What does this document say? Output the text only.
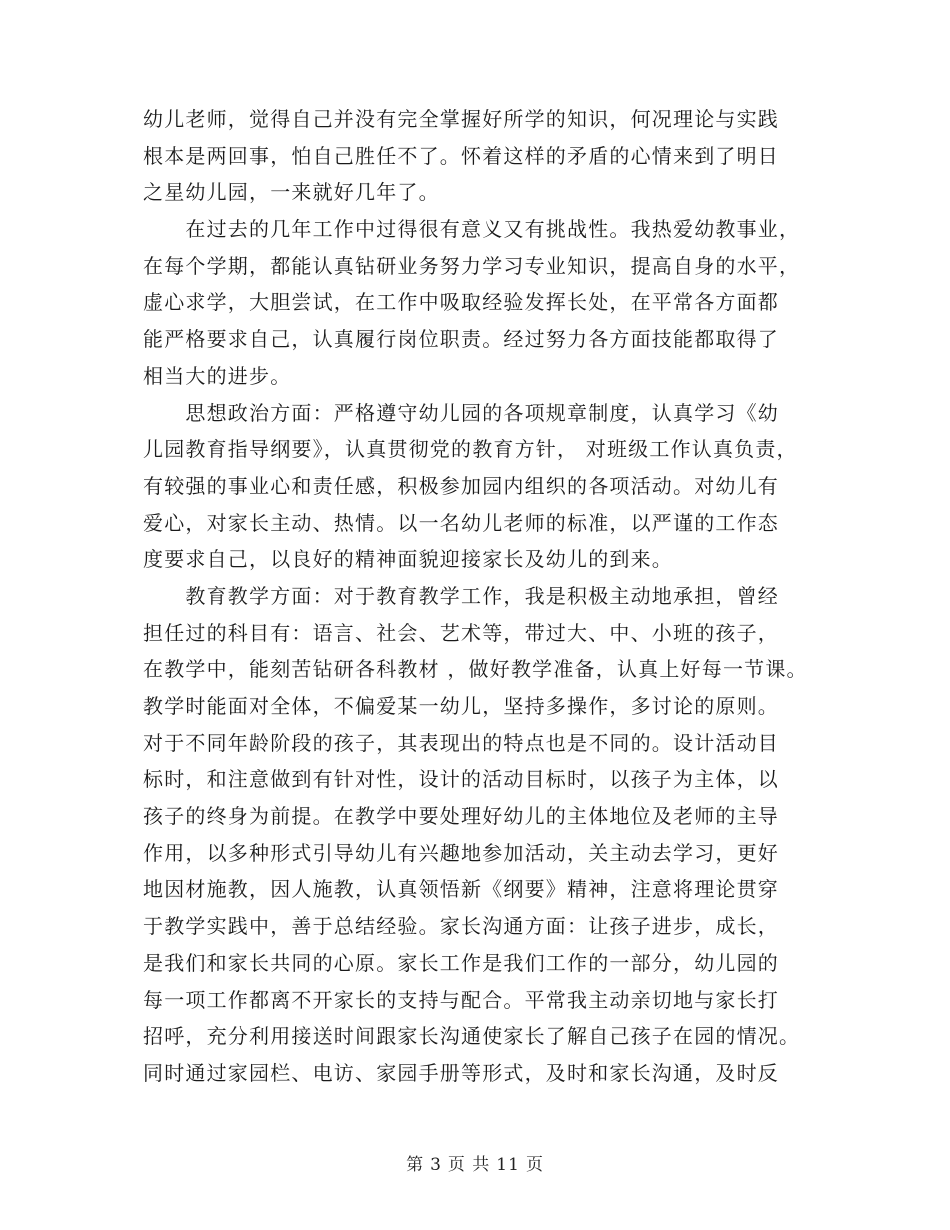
幼儿老师，觉得自己并没有完全掌握好所学的知识，何况理论与实践
根本是两回事，怕自己胜任不了。怀着这样的矛盾的心情来到了明日
之星幼儿园，一来就好几年了。
　　在过去的几年工作中过得很有意义又有挑战性。我热爱幼教事业，
在每个学期，都能认真钻研业务努力学习专业知识，提高自身的水平，
虚心求学，大胆尝试，在工作中吸取经验发挥长处，在平常各方面都
能严格要求自己，认真履行岗位职责。经过努力各方面技能都取得了
相当大的进步。
　　思想政治方面：严格遵守幼儿园的各项规章制度，认真学习《幼
儿园教育指导纲要》，认真贯彻党的教育方针， 对班级工作认真负责，
有较强的事业心和责任感，积极参加园内组织的各项活动。对幼儿有
爱心，对家长主动、热情。以一名幼儿老师的标准，以严谨的工作态
度要求自己，以良好的精神面貌迎接家长及幼儿的到来。
　　教育教学方面：对于教育教学工作，我是积极主动地承担，曾经
担任过的科目有：语言、社会、艺术等，带过大、中、小班的孩子，
在教学中，能刻苦钻研各科教材 ，做好教学准备，认真上好每一节课。
教学时能面对全体，不偏爱某一幼儿，坚持多操作，多讨论的原则。
对于不同年龄阶段的孩子，其表现出的特点也是不同的。设计活动目
标时，和注意做到有针对性，设计的活动目标时，以孩子为主体，以
孩子的终身为前提。在教学中要处理好幼儿的主体地位及老师的主导
作用，以多种形式引导幼儿有兴趣地参加活动，关主动去学习，更好
地因材施教，因人施教，认真领悟新《纲要》精神，注意将理论贯穿
于教学实践中，善于总结经验。家长沟通方面：让孩子进步，成长，
是我们和家长共同的心原。家长工作是我们工作的一部分，幼儿园的
每一项工作都离不开家长的支持与配合。平常我主动亲切地与家长打
招呼，充分利用接送时间跟家长沟通使家长了解自己孩子在园的情况。
同时通过家园栏、电访、家园手册等形式，及时和家长沟通，及时反
第 3 页 共 11 页
